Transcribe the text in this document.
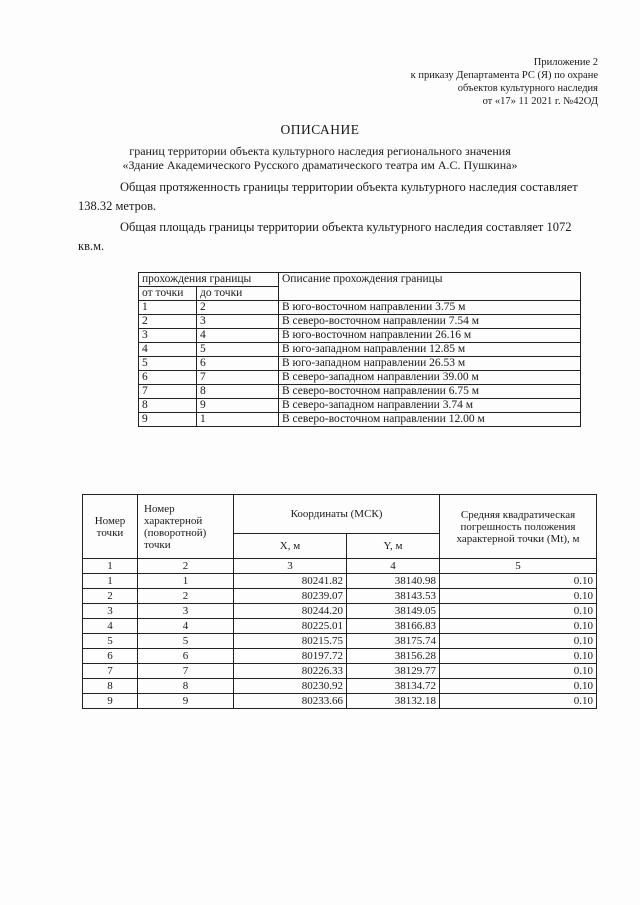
Приложение 2
к приказу Департамента РС (Я) по охране
объектов культурного наследия
от «17» 11 2021 г. №42ОД
ОПИСАНИЕ
границ территории объекта культурного наследия регионального значения
«Здание Академического Русского драматического театра им А.С. Пушкина»
Общая протяженность границы территории объекта культурного наследия составляет 138.32 метров.
Общая площадь границы территории объекта культурного наследия составляет 1072 кв.м.
прохождения границы		Описание прохождения границы
от точки	до точки	
1	2	В юго-восточном направлении 3.75 м
2	3	В северо-восточном направлении 7.54 м
3	4	В юго-восточном направлении 26.16 м
4	5	В юго-западном направлении 12.85 м
5	6	В юго-западном направлении 26.53 м
6	7	В северо-западном направлении 39.00 м
7	8	В северо-восточном направлении 6.75 м
8	9	В северо-западном направлении 3.74 м
9	1	В северо-восточном направлении 12.00 м
Номер точки	Номер характерной (поворотной) точки	Координаты (МСК)		Средняя квадратическая погрешность положения характерной точки (Mt), м
		X, м	Y, м	
1	2	3	4	5
1	1	80241.82	38140.98	0.10
2	2	80239.07	38143.53	0.10
3	3	80244.20	38149.05	0.10
4	4	80225.01	38166.83	0.10
5	5	80215.75	38175.74	0.10
6	6	80197.72	38156.28	0.10
7	7	80226.33	38129.77	0.10
8	8	80230.92	38134.72	0.10
9	9	80233.66	38132.18	0.10
